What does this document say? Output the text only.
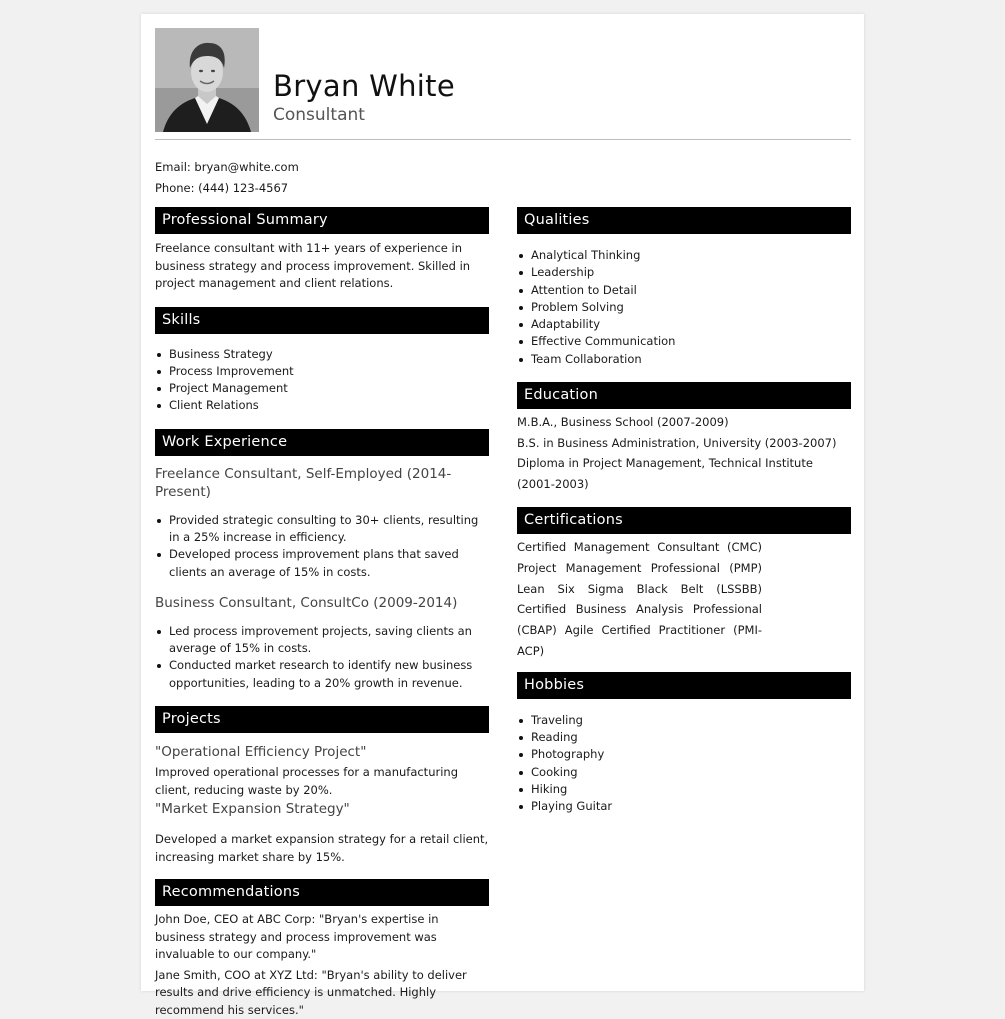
Bryan White
Consultant
Email: bryan@white.com
Phone: (444) 123-4567
Professional Summary

Freelance consultant with 11+ years of experience in business strategy and process improvement. Skilled in project management and client relations.

Skills
Business Strategy
Process Improvement
Project Management
Client Relations
Work Experience
Freelance Consultant, Self-Employed (2014-Present)
Provided strategic consulting to 30+ clients, resulting in a 25% increase in efficiency.
Developed process improvement plans that saved clients an average of 15% in costs.
Business Consultant, ConsultCo (2009-2014)
Led process improvement projects, saving clients an average of 15% in costs.
Conducted market research to identify new business opportunities, leading to a 20% growth in revenue.
Projects
"Operational Efficiency Project"

Improved operational processes for a manufacturing client, reducing waste by 20%.

"Market Expansion Strategy"

Developed a market expansion strategy for a retail client, increasing market share by 15%.

Recommendations

John Doe, CEO at ABC Corp: "Bryan's expertise in business strategy and process improvement was invaluable to our company."

Jane Smith, COO at XYZ Ltd: "Bryan's ability to deliver results and drive efficiency is unmatched. Highly recommend his services."

Qualities
Analytical Thinking
Leadership
Attention to Detail
Problem Solving
Adaptability
Effective Communication
Team Collaboration
Education
M.B.A., Business School (2007-2009)
B.S. in Business Administration, University (2003-2007)
Diploma in Project Management, Technical Institute (2001-2003)
Certifications

Certified Management Consultant (CMC) Project Management Professional (PMP) Lean Six Sigma Black Belt (LSSBB) Certified Business Analysis Professional (CBAP) Agile Certified Practitioner (PMI-ACP)

Hobbies
Traveling
Reading
Photography
Cooking
Hiking
Playing Guitar
